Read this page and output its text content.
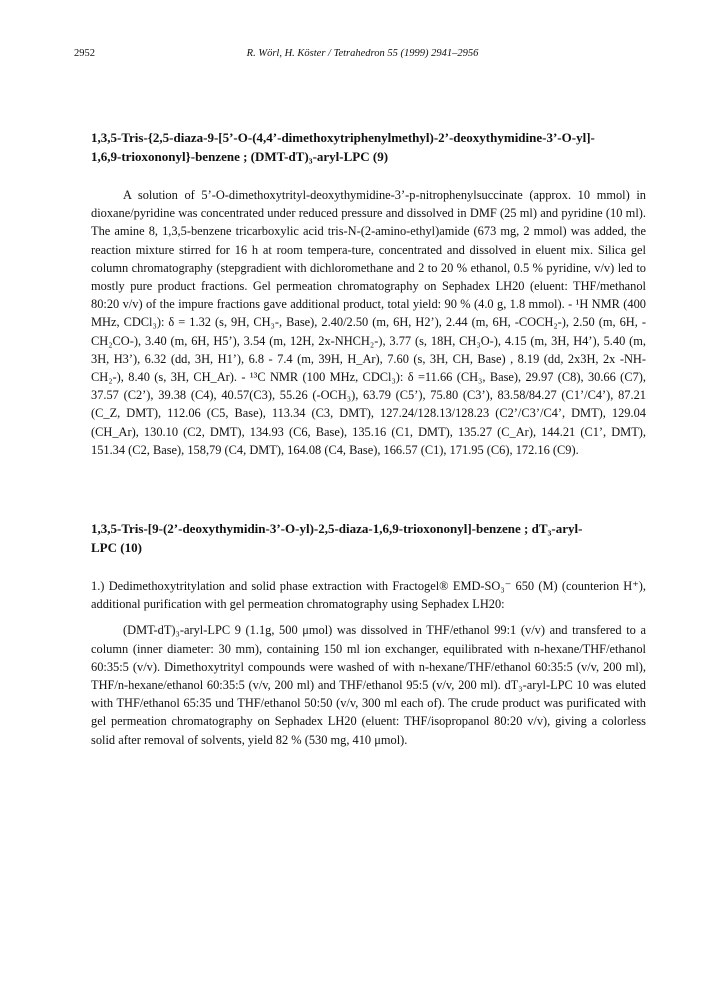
2952	R. Wörl, H. Köster / Tetrahedron 55 (1999) 2941–2956

1,3,5-Tris-{2,5-diaza-9-[5’-O-(4,4’-dimethoxytriphenylmethyl)-2’-deoxythymidine-3’-O-yl]-
1,6,9-trioxononyl}-benzene ; (DMT-dT)₃-aryl-LPC (9)

A solution of 5’-O-dimethoxytrityl-deoxythymidine-3’-p-nitrophenylsuccinate (approx. 10 mmol) in dioxane/pyridine was concentrated under reduced pressure and dissolved in DMF (25 ml) and pyridine (10 ml). The amine 8, 1,3,5-benzene tricarboxylic acid tris-N-(2-amino-ethyl)amide (673 mg, 2 mmol) was added, the reaction mixture stirred for 16 h at room tempera-ture, concentrated and dissolved in eluent mix. Silica gel column chromatography (stepgradient with dichloromethane and 2 to 20 % ethanol, 0.5 % pyridine, v/v) led to mostly pure product fractions. Gel permeation chromatography on Sephadex LH20 (eluent: THF/methanol 80:20 v/v) of the impure fractions gave additional product, total yield: 90 % (4.0 g, 1.8 mmol). - ¹H NMR (400 MHz, CDCl₃): δ = 1.32 (s, 9H, CH₃-, Base), 2.40/2.50 (m, 6H, H2’), 2.44 (m, 6H, -COCH₂-), 2.50 (m, 6H, -CH₂CO-), 3.40 (m, 6H, H5’), 3.54 (m, 12H, 2x-NHCH₂-), 3.77 (s, 18H, CH₃O-), 4.15 (m, 3H, H4’), 5.40 (m, 3H, H3’), 6.32 (dd, 3H, H1’), 6.8 - 7.4 (m, 39H, H_Ar), 7.60 (s, 3H, CH, Base) , 8.19 (dd, 2x3H, 2x -NH-CH₂-), 8.40 (s, 3H, CH_Ar). - ¹³C NMR (100 MHz, CDCl₃): δ =11.66 (CH₃, Base), 29.97 (C8), 30.66 (C7), 37.57 (C2’), 39.38 (C4), 40.57(C3), 55.26 (-OCH₃), 63.79 (C5’), 75.80 (C3’), 83.58/84.27 (C1’/C4’), 87.21 (C_Z, DMT), 112.06 (C5, Base), 113.34 (C3, DMT), 127.24/128.13/128.23 (C2’/C3’/C4’, DMT), 129.04 (CH_Ar), 130.10 (C2, DMT), 134.93 (C6, Base), 135.16 (C1, DMT), 135.27 (C_Ar), 144.21 (C1’, DMT), 151.34 (C2, Base), 158,79 (C4, DMT), 164.08 (C4, Base), 166.57 (C1), 171.95 (C6), 172.16 (C9).

1,3,5-Tris-[9-(2’-deoxythymidin-3’-O-yl)-2,5-diaza-1,6,9-trioxononyl]-benzene ; dT₃-aryl-
LPC (10)

1.) Dedimethoxytritylation and solid phase extraction with Fractogel® EMD-SO₃⁻ 650 (M) (counterion H⁺), additional purification with gel permeation chromatography using Sephadex LH20:

(DMT-dT)₃-aryl-LPC 9 (1.1g, 500 μmol) was dissolved in THF/ethanol 99:1 (v/v) and transfered to a column (inner diameter: 30 mm), containing 150 ml ion exchanger, equilibrated with n-hexane/THF/ethanol 60:35:5 (v/v). Dimethoxytrityl compounds were washed of with n-hexane/THF/ethanol 60:35:5 (v/v, 200 ml), THF/n-hexane/ethanol 60:35:5 (v/v, 200 ml) and THF/ethanol 95:5 (v/v, 200 ml). dT₃-aryl-LPC 10 was eluted with THF/ethanol 65:35 und THF/ethanol 50:50 (v/v, 300 ml each of). The crude product was purificated with gel permeation chromatography on Sephadex LH20 (eluent: THF/isopropanol 80:20 v/v), giving a colorless solid after removal of solvents, yield 82 % (530 mg, 410 μmol).
